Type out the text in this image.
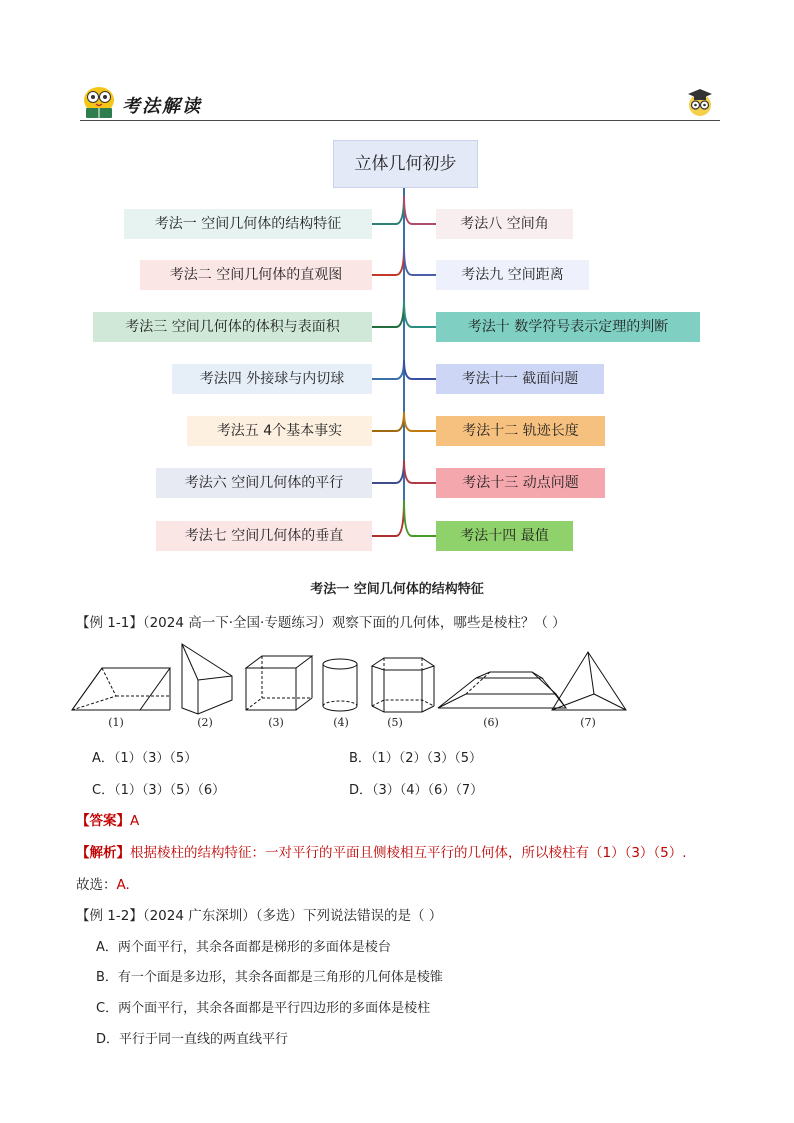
考法解读
立体几何初步
考法一 空间几何体的结构特征
考法二 空间几何体的直观图
考法三 空间几何体的体积与表面积
考法四 外接球与内切球
考法五 4个基本事实
考法六 空间几何体的平行
考法七 空间几何体的垂直
考法八 空间角
考法九 空间距离
考法十 数学符号表示定理的判断
考法十一 截面问题
考法十二 轨迹长度
考法十三 动点问题
考法十四 最值
考法一 空间几何体的结构特征
【例 1-1】（2024 高一下·全国·专题练习）观察下面的几何体，哪些是棱柱？（ ）
(1)	(2)	(3)	(4)	(5)	(6)	(7)
A．（1）（3）（5）	B．（1）（2）（3）（5）
C．（1）（3）（5）（6）	D．（3）（4）（6）（7）
【答案】A
【解析】根据棱柱的结构特征：一对平行的平面且侧棱相互平行的几何体，所以棱柱有（1）（3）（5）.
故选：A.
【例 1-2】（2024 广东深圳）（多选）下列说法错误的是（ ）
A．两个面平行，其余各面都是梯形的多面体是棱台
B．有一个面是多边形，其余各面都是三角形的几何体是棱锥
C．两个面平行，其余各面都是平行四边形的多面体是棱柱
D．平行于同一直线的两直线平行
